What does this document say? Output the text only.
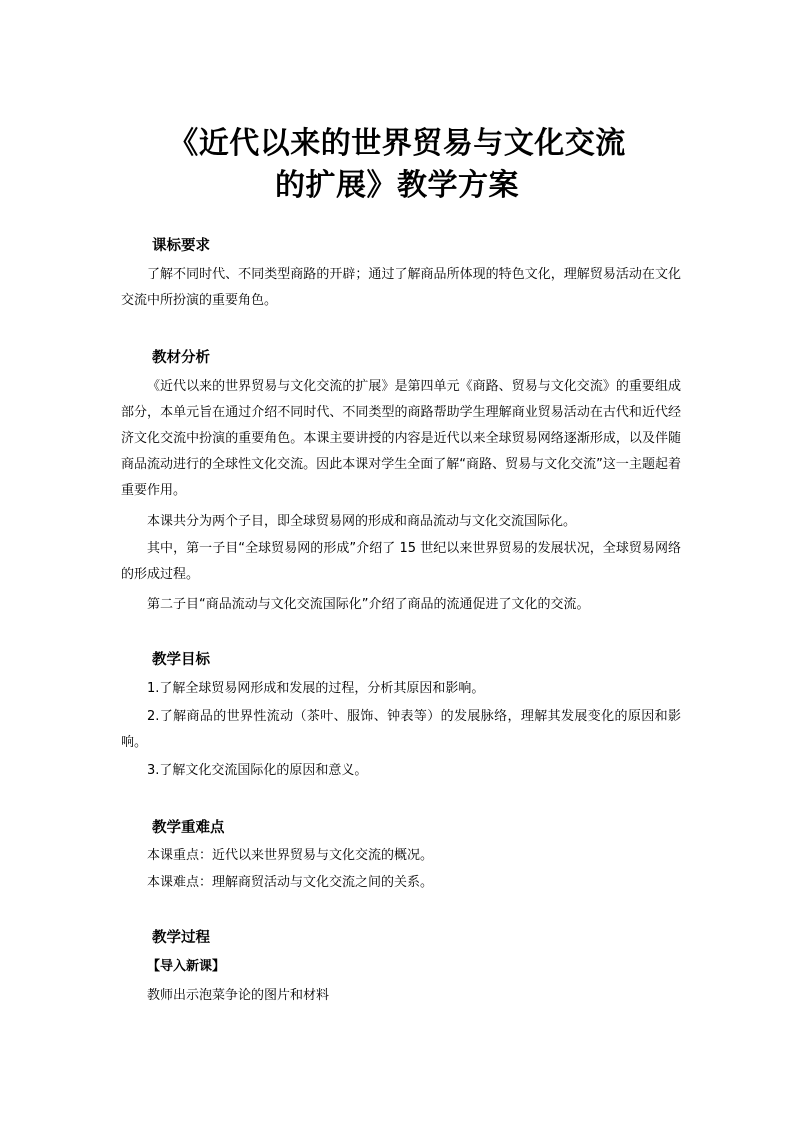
《近代以来的世界贸易与文化交流
的扩展》教学方案
课标要求
了解不同时代、不同类型商路的开辟；通过了解商品所体现的特色文化，理解贸易活动在文化交流中所扮演的重要角色。
教材分析
《近代以来的世界贸易与文化交流的扩展》是第四单元《商路、贸易与文化交流》的重要组成部分，本单元旨在通过介绍不同时代、不同类型的商路帮助学生理解商业贸易活动在古代和近代经济文化交流中扮演的重要角色。本课主要讲授的内容是近代以来全球贸易网络逐渐形成，以及伴随商品流动进行的全球性文化交流。因此本课对学生全面了解“商路、贸易与文化交流”这一主题起着重要作用。
本课共分为两个子目，即全球贸易网的形成和商品流动与文化交流国际化。
其中，第一子目“全球贸易网的形成”介绍了 15 世纪以来世界贸易的发展状况，全球贸易网络的形成过程。
第二子目“商品流动与文化交流国际化”介绍了商品的流通促进了文化的交流。
教学目标
1.了解全球贸易网形成和发展的过程，分析其原因和影响。
2.了解商品的世界性流动（茶叶、服饰、钟表等）的发展脉络，理解其发展变化的原因和影响。
3.了解文化交流国际化的原因和意义。
教学重难点
本课重点：近代以来世界贸易与文化交流的概况。
本课难点：理解商贸活动与文化交流之间的关系。
教学过程
【导入新课】
教师出示泡菜争论的图片和材料
